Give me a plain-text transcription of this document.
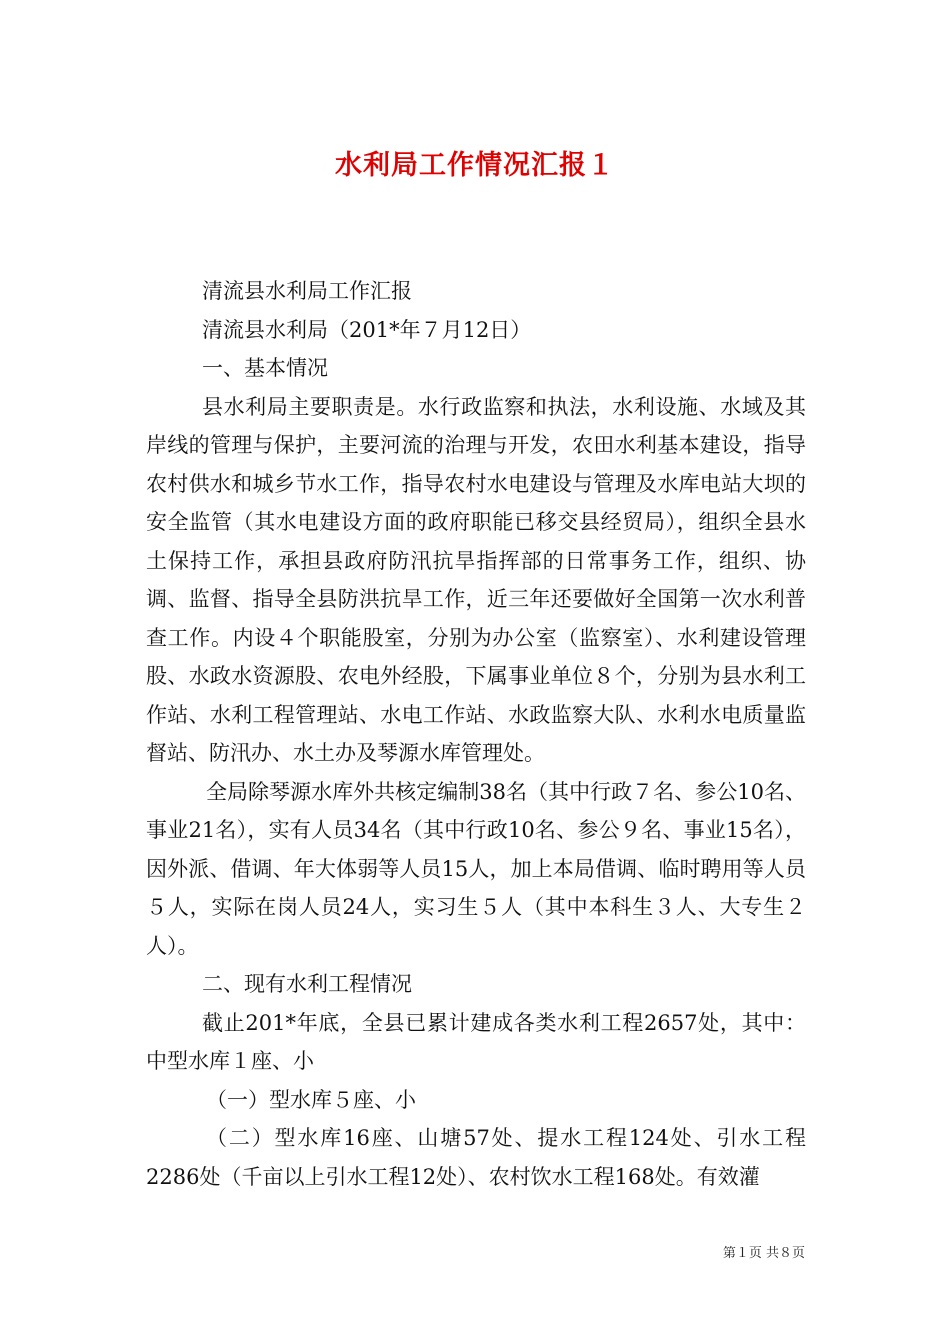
水利局工作情况汇报１

清流县水利局工作汇报

清流县水利局（201*年７月12日）

一、基本情况

县水利局主要职责是。水行政监察和执法，水利设施、水域及其岸线的管理与保护，主要河流的治理与开发，农田水利基本建设，指导农村供水和城乡节水工作，指导农村水电建设与管理及水库电站大坝的安全监管（其水电建设方面的政府职能已移交县经贸局），组织全县水土保持工作，承担县政府防汛抗旱指挥部的日常事务工作，组织、协调、监督、指导全县防洪抗旱工作，近三年还要做好全国第一次水利普查工作。内设４个职能股室，分别为办公室（监察室）、水利建设管理股、水政水资源股、农电外经股，下属事业单位８个，分别为县水利工作站、水利工程管理站、水电工作站、水政监察大队、水利水电质量监督站、防汛办、水土办及琴源水库管理处。

全局除琴源水库外共核定编制38名（其中行政７名、参公10名、事业21名），实有人员34名（其中行政10名、参公９名、事业15名），因外派、借调、年大体弱等人员15人，加上本局借调、临时聘用等人员５人，实际在岗人员24人，实习生５人（其中本科生３人、大专生２人）。

二、现有水利工程情况

截止201*年底，全县已累计建成各类水利工程2657处，其中：中型水库１座、小

（一）型水库５座、小

（二）型水库16座、山塘57处、提水工程124处、引水工程2286处（千亩以上引水工程12处）、农村饮水工程168处。有效灌

第１页 共８页
